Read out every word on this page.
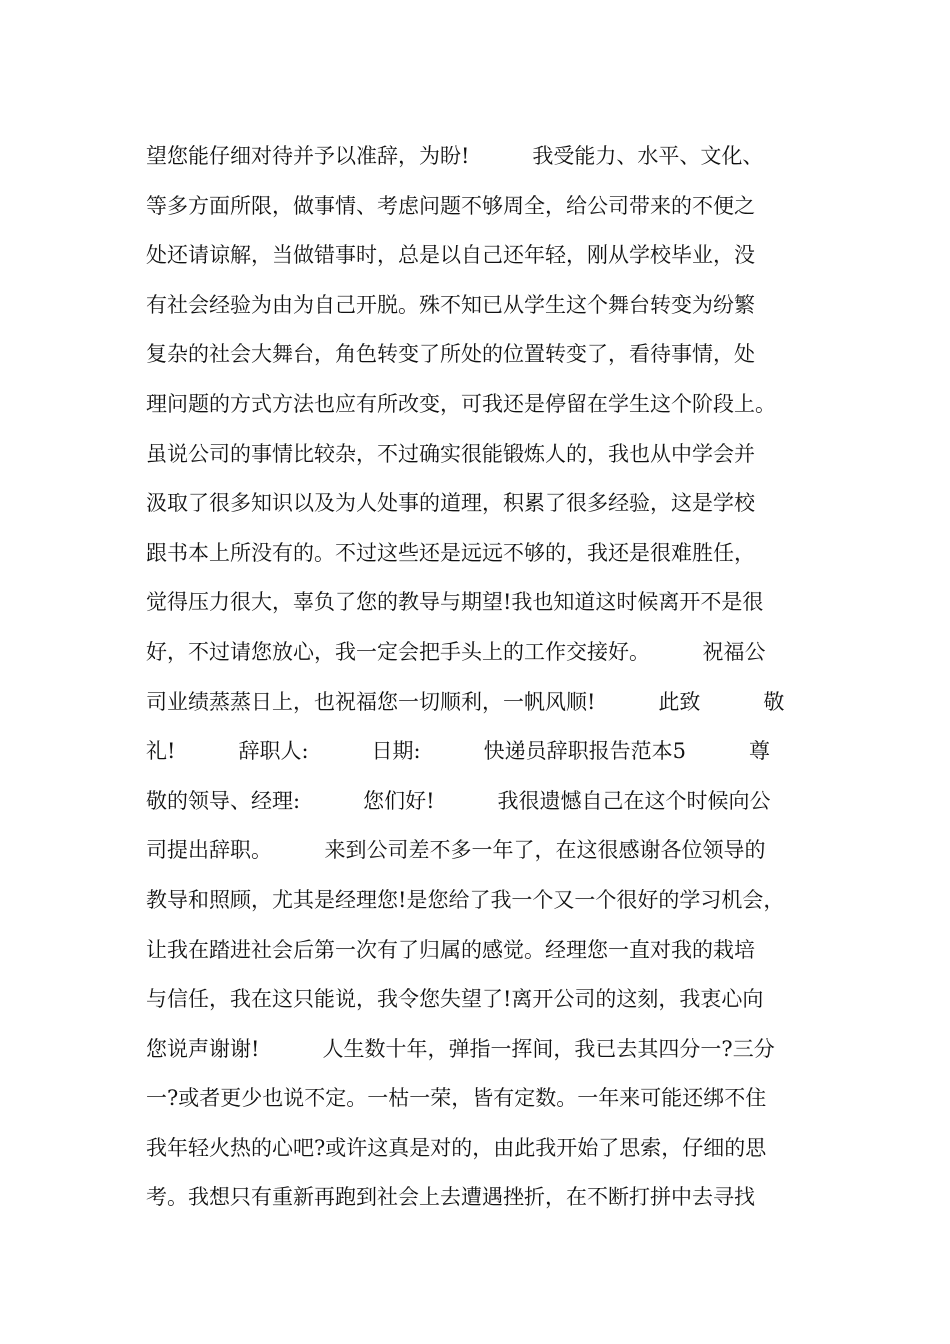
望您能仔细对待并予以准辞，为盼!　　　我受能力、水平、文化、
等多方面所限，做事情、考虑问题不够周全，给公司带来的不便之
处还请谅解，当做错事时，总是以自己还年轻，刚从学校毕业，没
有社会经验为由为自己开脱。殊不知已从学生这个舞台转变为纷繁
复杂的社会大舞台，角色转变了所处的位置转变了，看待事情，处
理问题的方式方法也应有所改变，可我还是停留在学生这个阶段上。
虽说公司的事情比较杂，不过确实很能锻炼人的，我也从中学会并
汲取了很多知识以及为人处事的道理，积累了很多经验，这是学校
跟书本上所没有的。不过这些还是远远不够的，我还是很难胜任，
觉得压力很大，辜负了您的教导与期望!我也知道这时候离开不是很
好，不过请您放心，我一定会把手头上的工作交接好。　　　祝福公
司业绩蒸蒸日上，也祝福您一切顺利，一帆风顺!　　　此致　　　敬
礼!　　　辞职人:　　　日期:　　　快递员辞职报告范本5　　　尊
敬的领导、经理:　　　您们好!　　　我很遗憾自己在这个时候向公
司提出辞职。　　　来到公司差不多一年了，在这很感谢各位领导的
教导和照顾，尤其是经理您!是您给了我一个又一个很好的学习机会，
让我在踏进社会后第一次有了归属的感觉。经理您一直对我的栽培
与信任，我在这只能说，我令您失望了!离开公司的这刻，我衷心向
您说声谢谢!　　　人生数十年，弹指一挥间，我已去其四分一?三分
一?或者更少也说不定。一枯一荣，皆有定数。一年来可能还绑不住
我年轻火热的心吧?或许这真是对的，由此我开始了思索，仔细的思
考。我想只有重新再跑到社会上去遭遇挫折，在不断打拼中去寻找
